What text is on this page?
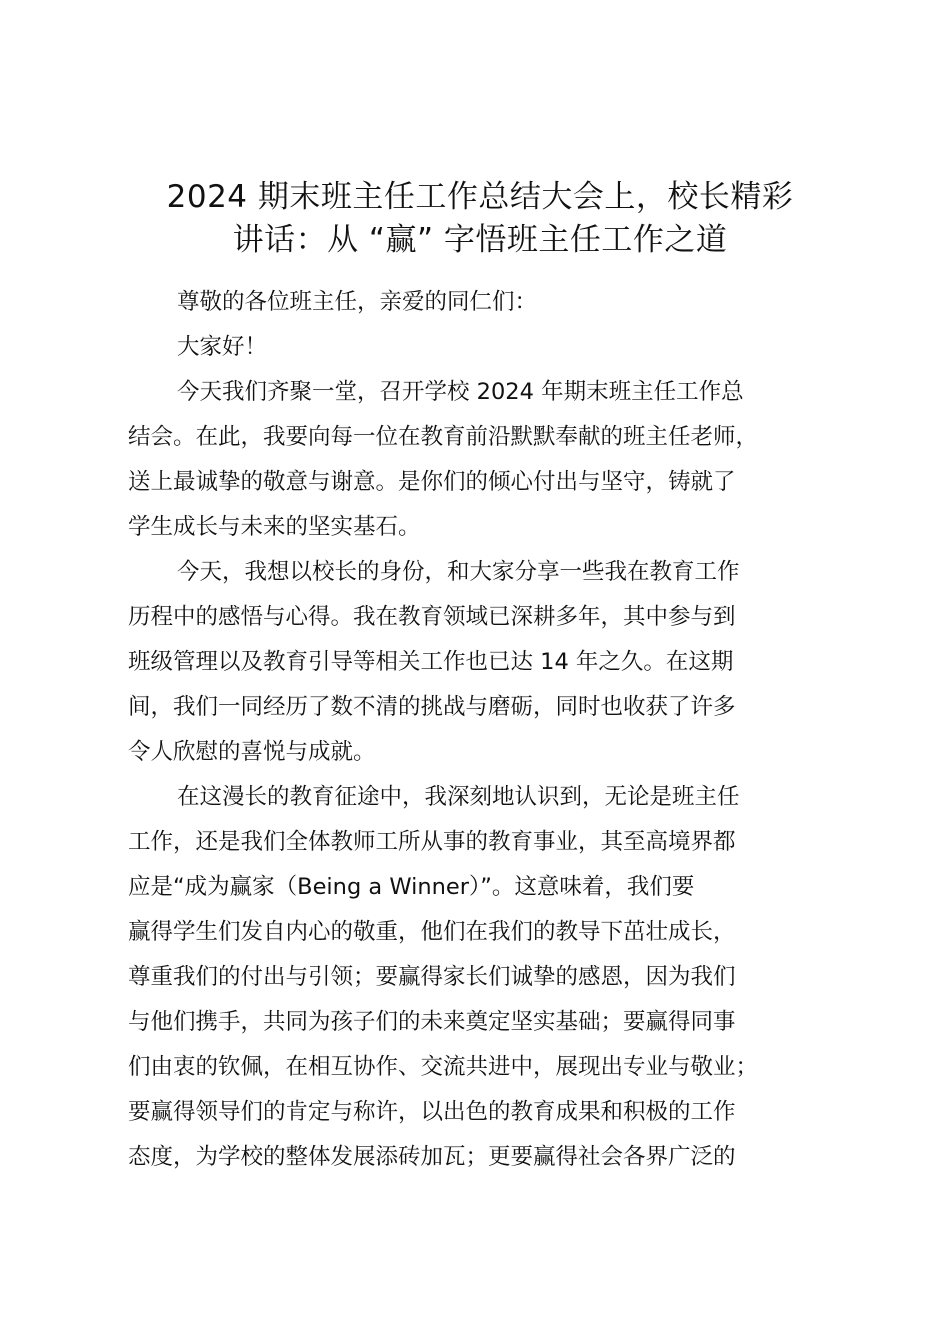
2024 期末班主任工作总结大会上，校长精彩
讲话：从 “赢” 字悟班主任工作之道

尊敬的各位班主任，亲爱的同仁们：

大家好！

今天我们齐聚一堂，召开学校 2024 年期末班主任工作总
结会。在此，我要向每一位在教育前沿默默奉献的班主任老师，
送上最诚挚的敬意与谢意。是你们的倾心付出与坚守，铸就了
学生成长与未来的坚实基石。

今天，我想以校长的身份，和大家分享一些我在教育工作
历程中的感悟与心得。我在教育领域已深耕多年，其中参与到
班级管理以及教育引导等相关工作也已达 14 年之久。在这期
间，我们一同经历了数不清的挑战与磨砺，同时也收获了许多
令人欣慰的喜悦与成就。

在这漫长的教育征途中，我深刻地认识到，无论是班主任
工作，还是我们全体教师工所从事的教育事业，其至高境界都
应是“成为赢家（Being a Winner）”。这意味着，我们要
赢得学生们发自内心的敬重，他们在我们的教导下茁壮成长，
尊重我们的付出与引领；要赢得家长们诚挚的感恩，因为我们
与他们携手，共同为孩子们的未来奠定坚实基础；要赢得同事
们由衷的钦佩，在相互协作、交流共进中，展现出专业与敬业；
要赢得领导们的肯定与称许，以出色的教育成果和积极的工作
态度，为学校的整体发展添砖加瓦；更要赢得社会各界广泛的
